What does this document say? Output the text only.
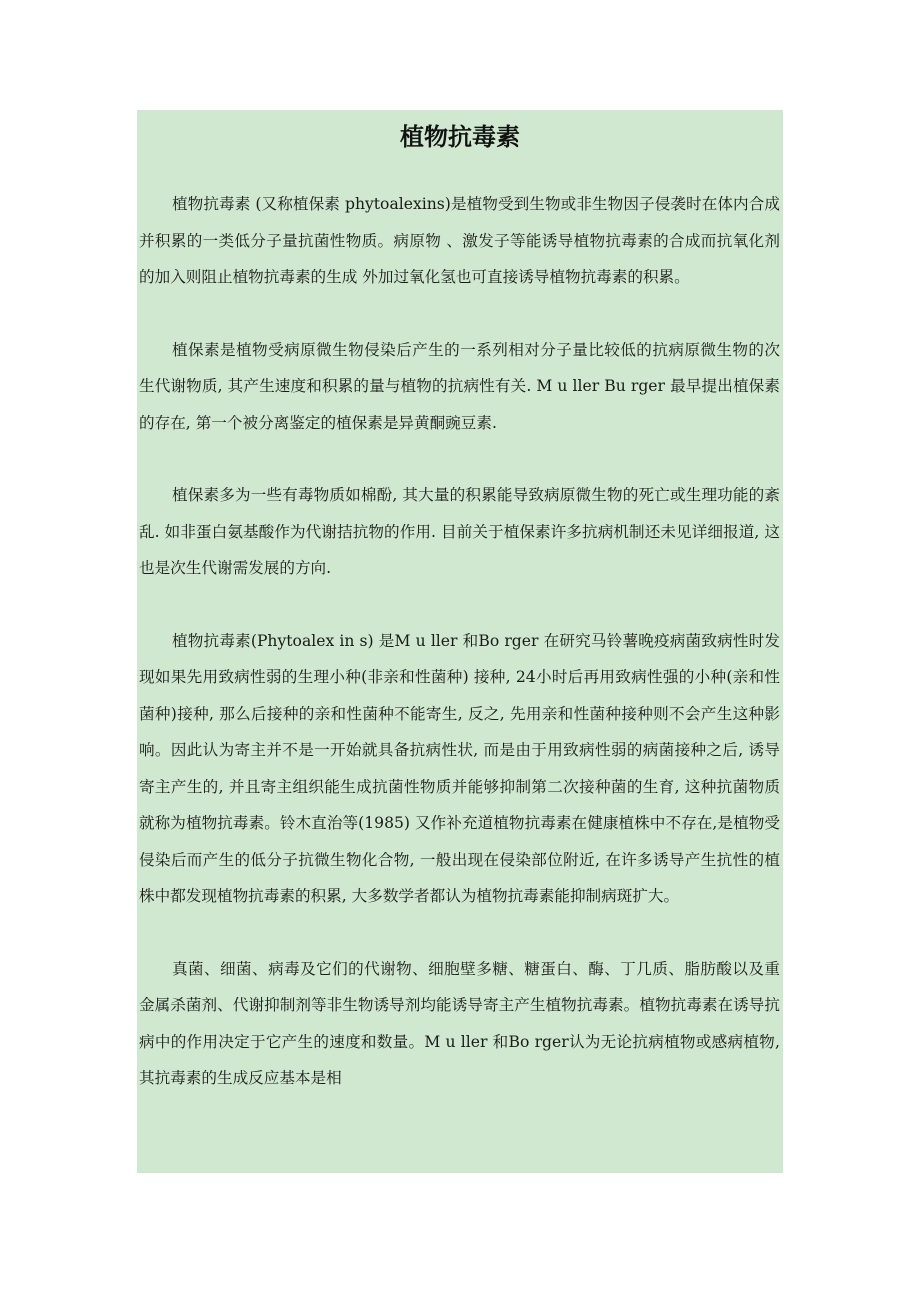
植物抗毒素

植物抗毒素 (又称植保素 phytoalexins)是植物受到生物或非生物因子侵袭时在体内合成并积累的一类低分子量抗菌性物质。病原物 、激发子等能诱导植物抗毒素的合成而抗氧化剂的加入则阻止植物抗毒素的生成 外加过氧化氢也可直接诱导植物抗毒素的积累。

植保素是植物受病原微生物侵染后产生的一系列相对分子量比较低的抗病原微生物的次生代谢物质, 其产生速度和积累的量与植物的抗病性有关. M u ller Bu rger 最早提出植保素的存在, 第一个被分离鉴定的植保素是异黄酮豌豆素.

植保素多为一些有毒物质如棉酚, 其大量的积累能导致病原微生物的死亡或生理功能的紊乱. 如非蛋白氨基酸作为代谢拮抗物的作用. 目前关于植保素许多抗病机制还未见详细报道, 这也是次生代谢需发展的方向.

植物抗毒素(Phytoalex in s) 是M u ller 和Bo rger 在研究马铃薯晚疫病菌致病性时发现如果先用致病性弱的生理小种(非亲和性菌种) 接种, 24小时后再用致病性强的小种(亲和性菌种)接种, 那么后接种的亲和性菌种不能寄生, 反之, 先用亲和性菌种接种则不会产生这种影响。因此认为寄主并不是一开始就具备抗病性状, 而是由于用致病性弱的病菌接种之后, 诱导寄主产生的, 并且寄主组织能生成抗菌性物质并能够抑制第二次接种菌的生育, 这种抗菌物质就称为植物抗毒素。铃木直治等(1985) 又作补充道植物抗毒素在健康植株中不存在,是植物受侵染后而产生的低分子抗微生物化合物, 一般出现在侵染部位附近, 在许多诱导产生抗性的植株中都发现植物抗毒素的积累, 大多数学者都认为植物抗毒素能抑制病斑扩大。

真菌、细菌、病毒及它们的代谢物、细胞壁多糖、糖蛋白、酶、丁几质、脂肪酸以及重金属杀菌剂、代谢抑制剂等非生物诱导剂均能诱导寄主产生植物抗毒素。植物抗毒素在诱导抗病中的作用决定于它产生的速度和数量。M u ller 和Bo rger认为无论抗病植物或感病植物, 其抗毒素的生成反应基本是相
